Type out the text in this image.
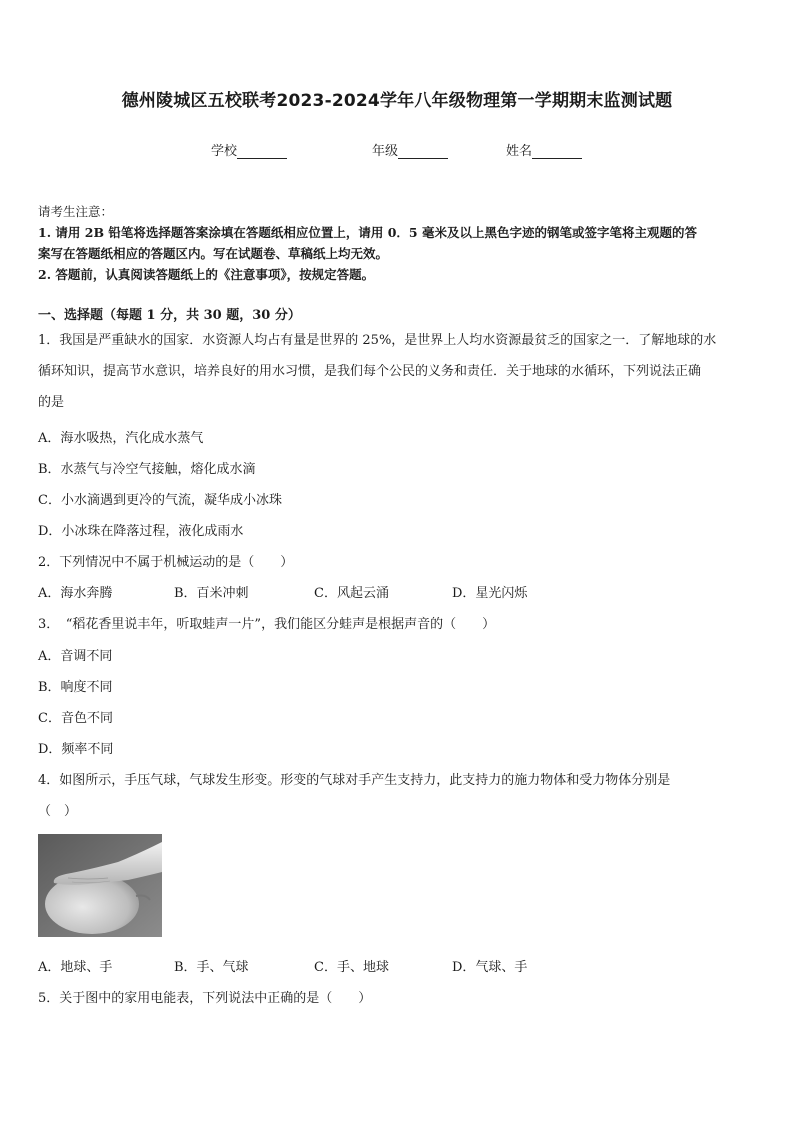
德州陵城区五校联考2023-2024学年八年级物理第一学期期末监测试题
学校	年级	姓名
请考生注意：
1. 请用 2B 铅笔将选择题答案涂填在答题纸相应位置上，请用 0．5 毫米及以上黑色字迹的钢笔或签字笔将主观题的答
案写在答题纸相应的答题区内。写在试题卷、草稿纸上均无效。
2. 答题前，认真阅读答题纸上的《注意事项》，按规定答题。
一、选择题（每题 1 分，共 30 题，30 分）
1．我国是严重缺水的国家．水资源人均占有量是世界的 25%，是世界上人均水资源最贫乏的国家之一．了解地球的水
循环知识，提高节水意识，培养良好的用水习惯，是我们每个公民的义务和责任．关于地球的水循环，下列说法正确
的是
A．海水吸热，汽化成水蒸气
B．水蒸气与冷空气接触，熔化成水滴
C．小水滴遇到更冷的气流，凝华成小冰珠
D．小冰珠在降落过程，液化成雨水
2．下列情况中不属于机械运动的是（　　）
A．海水奔腾	B．百米冲刺	C．风起云涌	D．星光闪烁
3．　“稻花香里说丰年，听取蛙声一片”，我们能区分蛙声是根据声音的（　　）
A．音调不同
B．响度不同
C．音色不同
D．频率不同
4．如图所示，手压气球，气球发生形变。形变的气球对手产生支持力，此支持力的施力物体和受力物体分别是
（　）
A．地球、手	B．手、气球	C．手、地球	D．气球、手
5．关于图中的家用电能表，下列说法中正确的是（　　）
